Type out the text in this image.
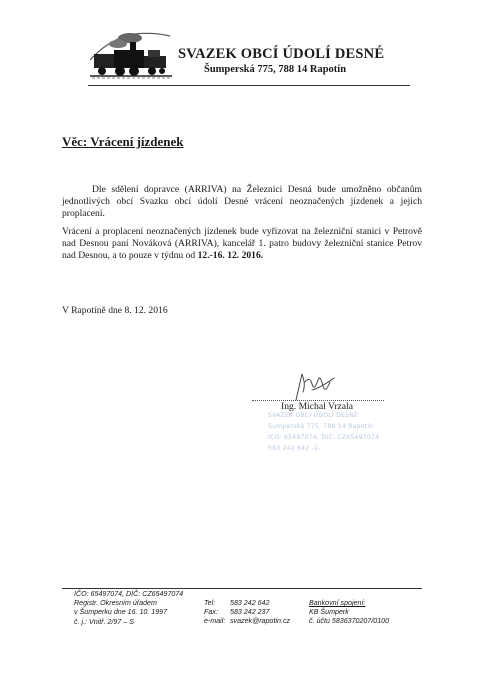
SVAZEK OBCÍ ÚDOLÍ DESNÉ
Šumperská 775, 788 14 Rapotín
Věc: Vrácení jízdenek
Dle sdělení dopravce (ARRIVA) na Železnici Desná bude umožněno občanům jednotlivých obcí Svazku obcí údolí Desné vrácení neoznačených jízdenek a jejich proplacení.
Vrácení a proplacení neoznačených jízdenek bude vyřizovat na železniční stanici v Petrově nad Desnou paní Nováková (ARRIVA), kancelář 1. patro budovy železniční stanice Petrov nad Desnou, a to pouze v týdnu od 12.-16. 12. 2016.
V Rapotíně dne 8. 12. 2016
Ing. Michal Vrzala
SVAZEK OBCÍ ÚDOLÍ DESNÉ
Šumperská 775, 788 14 Rapotín
IČO: 65497074, DIČ: CZ65497074
583 242 642 -2-
IČO: 65497074, DIČ: CZ65497074
Registr. Okresním úřadem
v Šumperku dne 16. 10. 1997
č. j.: Vnitř. 2/97 – S
Tel:
Fax:
e-mail:
583 242 642
583 242 237
svazek@rapotin.cz
Bankovní spojení:
KB Šumperk
č. účtu 5836370207/0100
